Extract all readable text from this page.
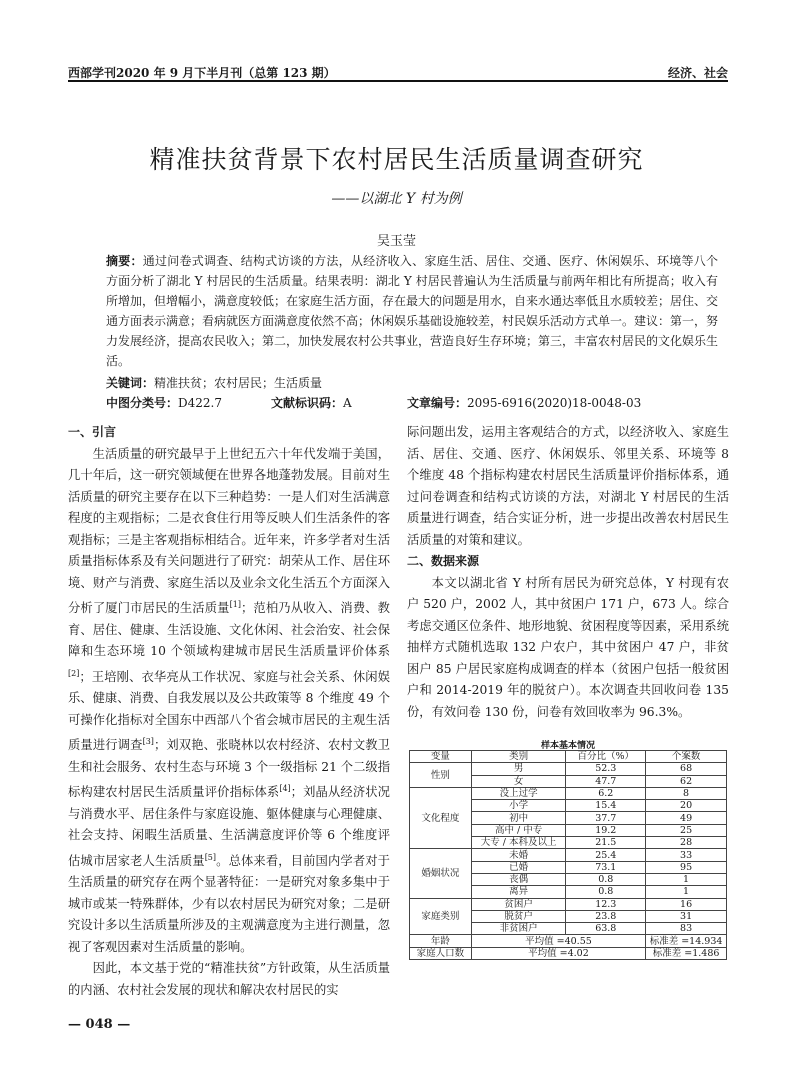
西部学刊2020 年 9 月下半月刊（总第 123 期）	经济、社会
精准扶贫背景下农村居民生活质量调查研究
——以湖北 Y 村为例
吴玉莹
摘要：通过问卷式调查、结构式访谈的方法，从经济收入、家庭生活、居住、交通、医疗、休闲娱乐、环境等八个方面分析了湖北 Y 村居民的生活质量。结果表明：湖北 Y 村居民普遍认为生活质量与前两年相比有所提高；收入有所增加，但增幅小，满意度较低；在家庭生活方面，存在最大的问题是用水，自来水通达率低且水质较差；居住、交通方面表示满意；看病就医方面满意度依然不高；休闲娱乐基础设施较差，村民娱乐活动方式单一。建议：第一，努力发展经济，提高农民收入；第二，加快发展农村公共事业，营造良好生存环境；第三，丰富农村居民的文化娱乐生活。
关键词：精准扶贫；农村居民；生活质量
中图分类号： D422.7	文献标识码： A	文章编号： 2095-6916(2020)18-0048-03
一、引言

生活质量的研究最早于上世纪五六十年代发端于美国，几十年后，这一研究领域便在世界各地蓬勃发展。目前对生活质量的研究主要存在以下三种趋势：一是人们对生活满意程度的主观指标；二是衣食住行用等反映人们生活条件的客观指标；三是主客观指标相结合。近年来，许多学者对生活质量指标体系及有关问题进行了研究：胡荣从工作、居住环境、财产与消费、家庭生活以及业余文化生活五个方面深入分析了厦门市居民的生活质量[1]；范柏乃从收入、消费、教育、居住、健康、生活设施、文化休闲、社会治安、社会保障和生态环境 10 个领域构建城市居民生活质量评价体系[2]；王培刚、衣华亮从工作状况、家庭与社会关系、休闲娱乐、健康、消费、自我发展以及公共政策等 8 个维度 49 个可操作化指标对全国东中西部八个省会城市居民的主观生活质量进行调查[3]；刘双艳、张晓林以农村经济、农村文教卫生和社会服务、农村生态与环境 3 个一级指标 21 个二级指标构建农村居民生活质量评价指标体系[4]；刘晶从经济状况与消费水平、居住条件与家庭设施、躯体健康与心理健康、社会支持、闲暇生活质量、生活满意度评价等 6 个维度评估城市居家老人生活质量[5]。总体来看，目前国内学者对于生活质量的研究存在两个显著特征：一是研究对象多集中于城市或某一特殊群体，少有以农村居民为研究对象；二是研究设计多以生活质量所涉及的主观满意度为主进行测量，忽视了客观因素对生活质量的影响。

因此，本文基于党的“精准扶贫”方针政策，从生活质量的内涵、农村社会发展的现状和解决农村居民的实

际问题出发，运用主客观结合的方式，以经济收入、家庭生活、居住、交通、医疗、休闲娱乐、邻里关系、环境等 8 个维度 48 个指标构建农村居民生活质量评价指标体系，通过问卷调查和结构式访谈的方法，对湖北 Y 村居民的生活质量进行调查，结合实证分析，进一步提出改善农村居民生活质量的对策和建议。
二、数据来源

本文以湖北省 Y 村所有居民为研究总体，Y 村现有农户 520 户，2002 人，其中贫困户 171 户，673 人。综合考虑交通区位条件、地形地貌、贫困程度等因素，采用系统抽样方式随机选取 132 户农户，其中贫困户 47 户，非贫困户 85 户居民家庭构成调查的样本（贫困户包括一般贫困户和 2014-2019 年的脱贫户）。本次调查共回收问卷 135 份，有效问卷 130 份，问卷有效回收率为 96.3%。

样本基本情况
变量	类别	百分比（%）	个案数
性别	男	52.3	68
	女	47.7	62
文化程度	没上过学	6.2	8
	小学	15.4	20
	初中	37.7	49
	高中 / 中专	19.2	25
	大专 / 本科及以上	21.5	28
婚姻状况	未婚	25.4	33
	已婚	73.1	95
	丧偶	0.8	1
	离异	0.8	1
家庭类别	贫困户	12.3	16
	脱贫户	23.8	31
	非贫困户	63.8	83
年龄	平均值 =40.55		标准差 =14.934
家庭人口数	平均值 =4.02		标准差 =1.486
— 048 —
